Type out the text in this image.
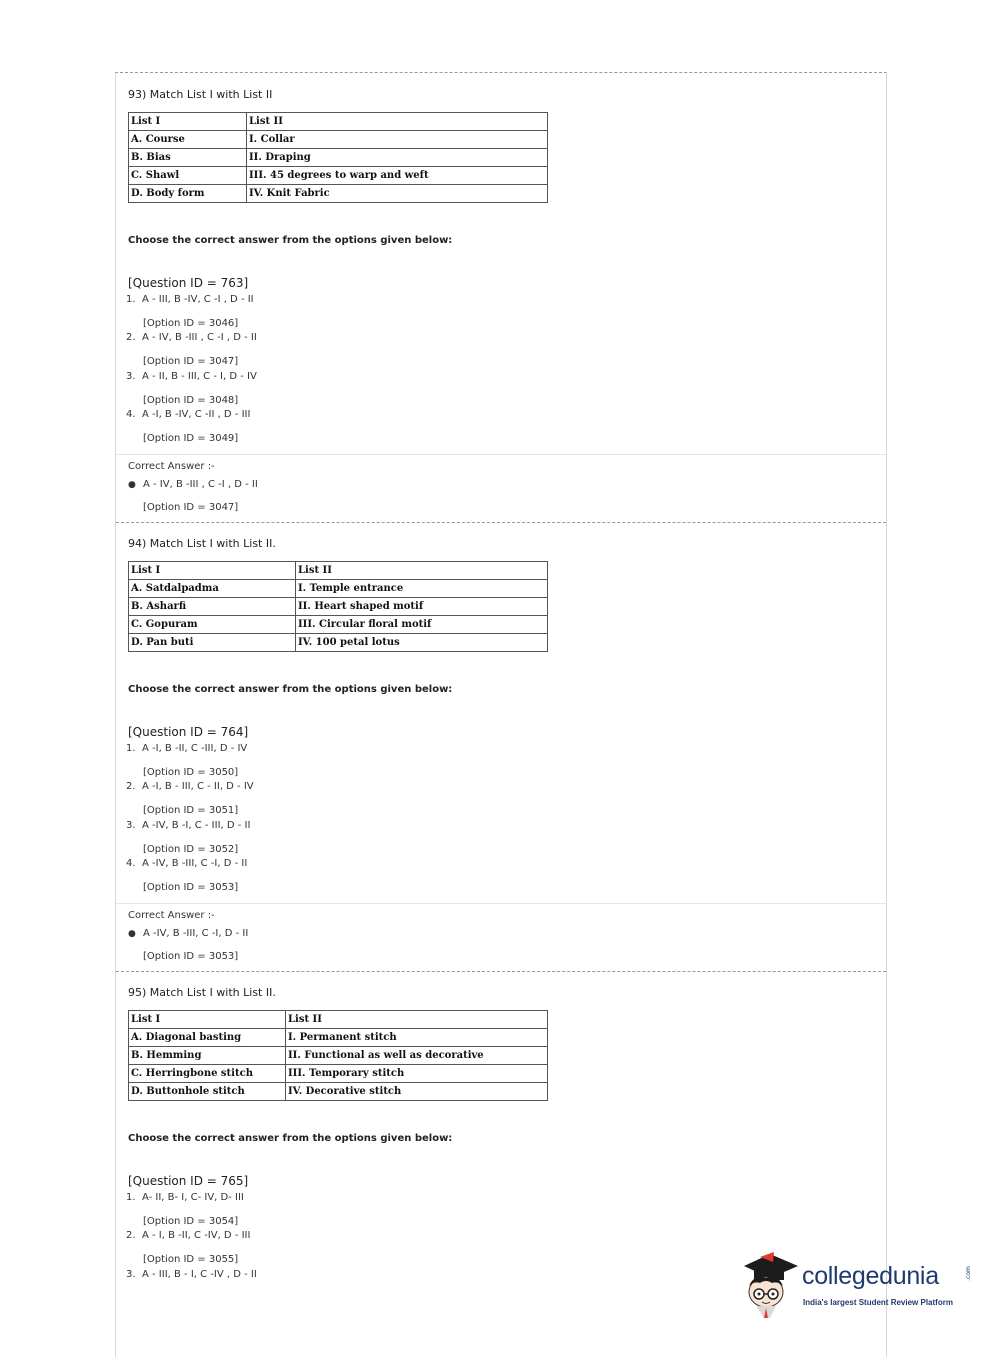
93) Match List I with List II
List I	List II
A. Course	I. Collar
B. Bias	II. Draping
C. Shawl	III. 45 degrees to warp and weft
D. Body form	IV. Knit Fabric
Choose the correct answer from the options given below:
[Question ID = 763]
1. A - III, B -IV, C -I , D - II
[Option ID = 3046]
2. A - IV, B -III , C -I , D - II
[Option ID = 3047]
3. A - II, B - III, C - I, D - IV
[Option ID = 3048]
4. A -I, B -IV, C -II , D - III
[Option ID = 3049]
Correct Answer :-
● A - IV, B -III , C -I , D - II
[Option ID = 3047]
94) Match List I with List II.
List I	List II
A. Satdalpadma	I. Temple entrance
B. Asharfi	II. Heart shaped motif
C. Gopuram	III. Circular floral motif
D. Pan buti	IV. 100 petal lotus
Choose the correct answer from the options given below:
[Question ID = 764]
1. A -I, B -II, C -III, D - IV
[Option ID = 3050]
2. A -I, B - III, C - II, D - IV
[Option ID = 3051]
3. A -IV, B -I, C - III, D - II
[Option ID = 3052]
4. A -IV, B -III, C -I, D - II
[Option ID = 3053]
Correct Answer :-
● A -IV, B -III, C -I, D - II
[Option ID = 3053]
95) Match List I with List II.
List I	List II
A. Diagonal basting	I. Permanent stitch
B. Hemming	II. Functional as well as decorative
C. Herringbone stitch	III. Temporary stitch
D. Buttonhole stitch	IV. Decorative stitch
Choose the correct answer from the options given below:
[Question ID = 765]
1. A- II, B- I, C- IV, D- III
[Option ID = 3054]
2. A - I, B -II, C -IV, D - III
[Option ID = 3055]
3. A - III, B - I, C -IV , D - II	collegedunia	.com
India's largest Student Review Platform
